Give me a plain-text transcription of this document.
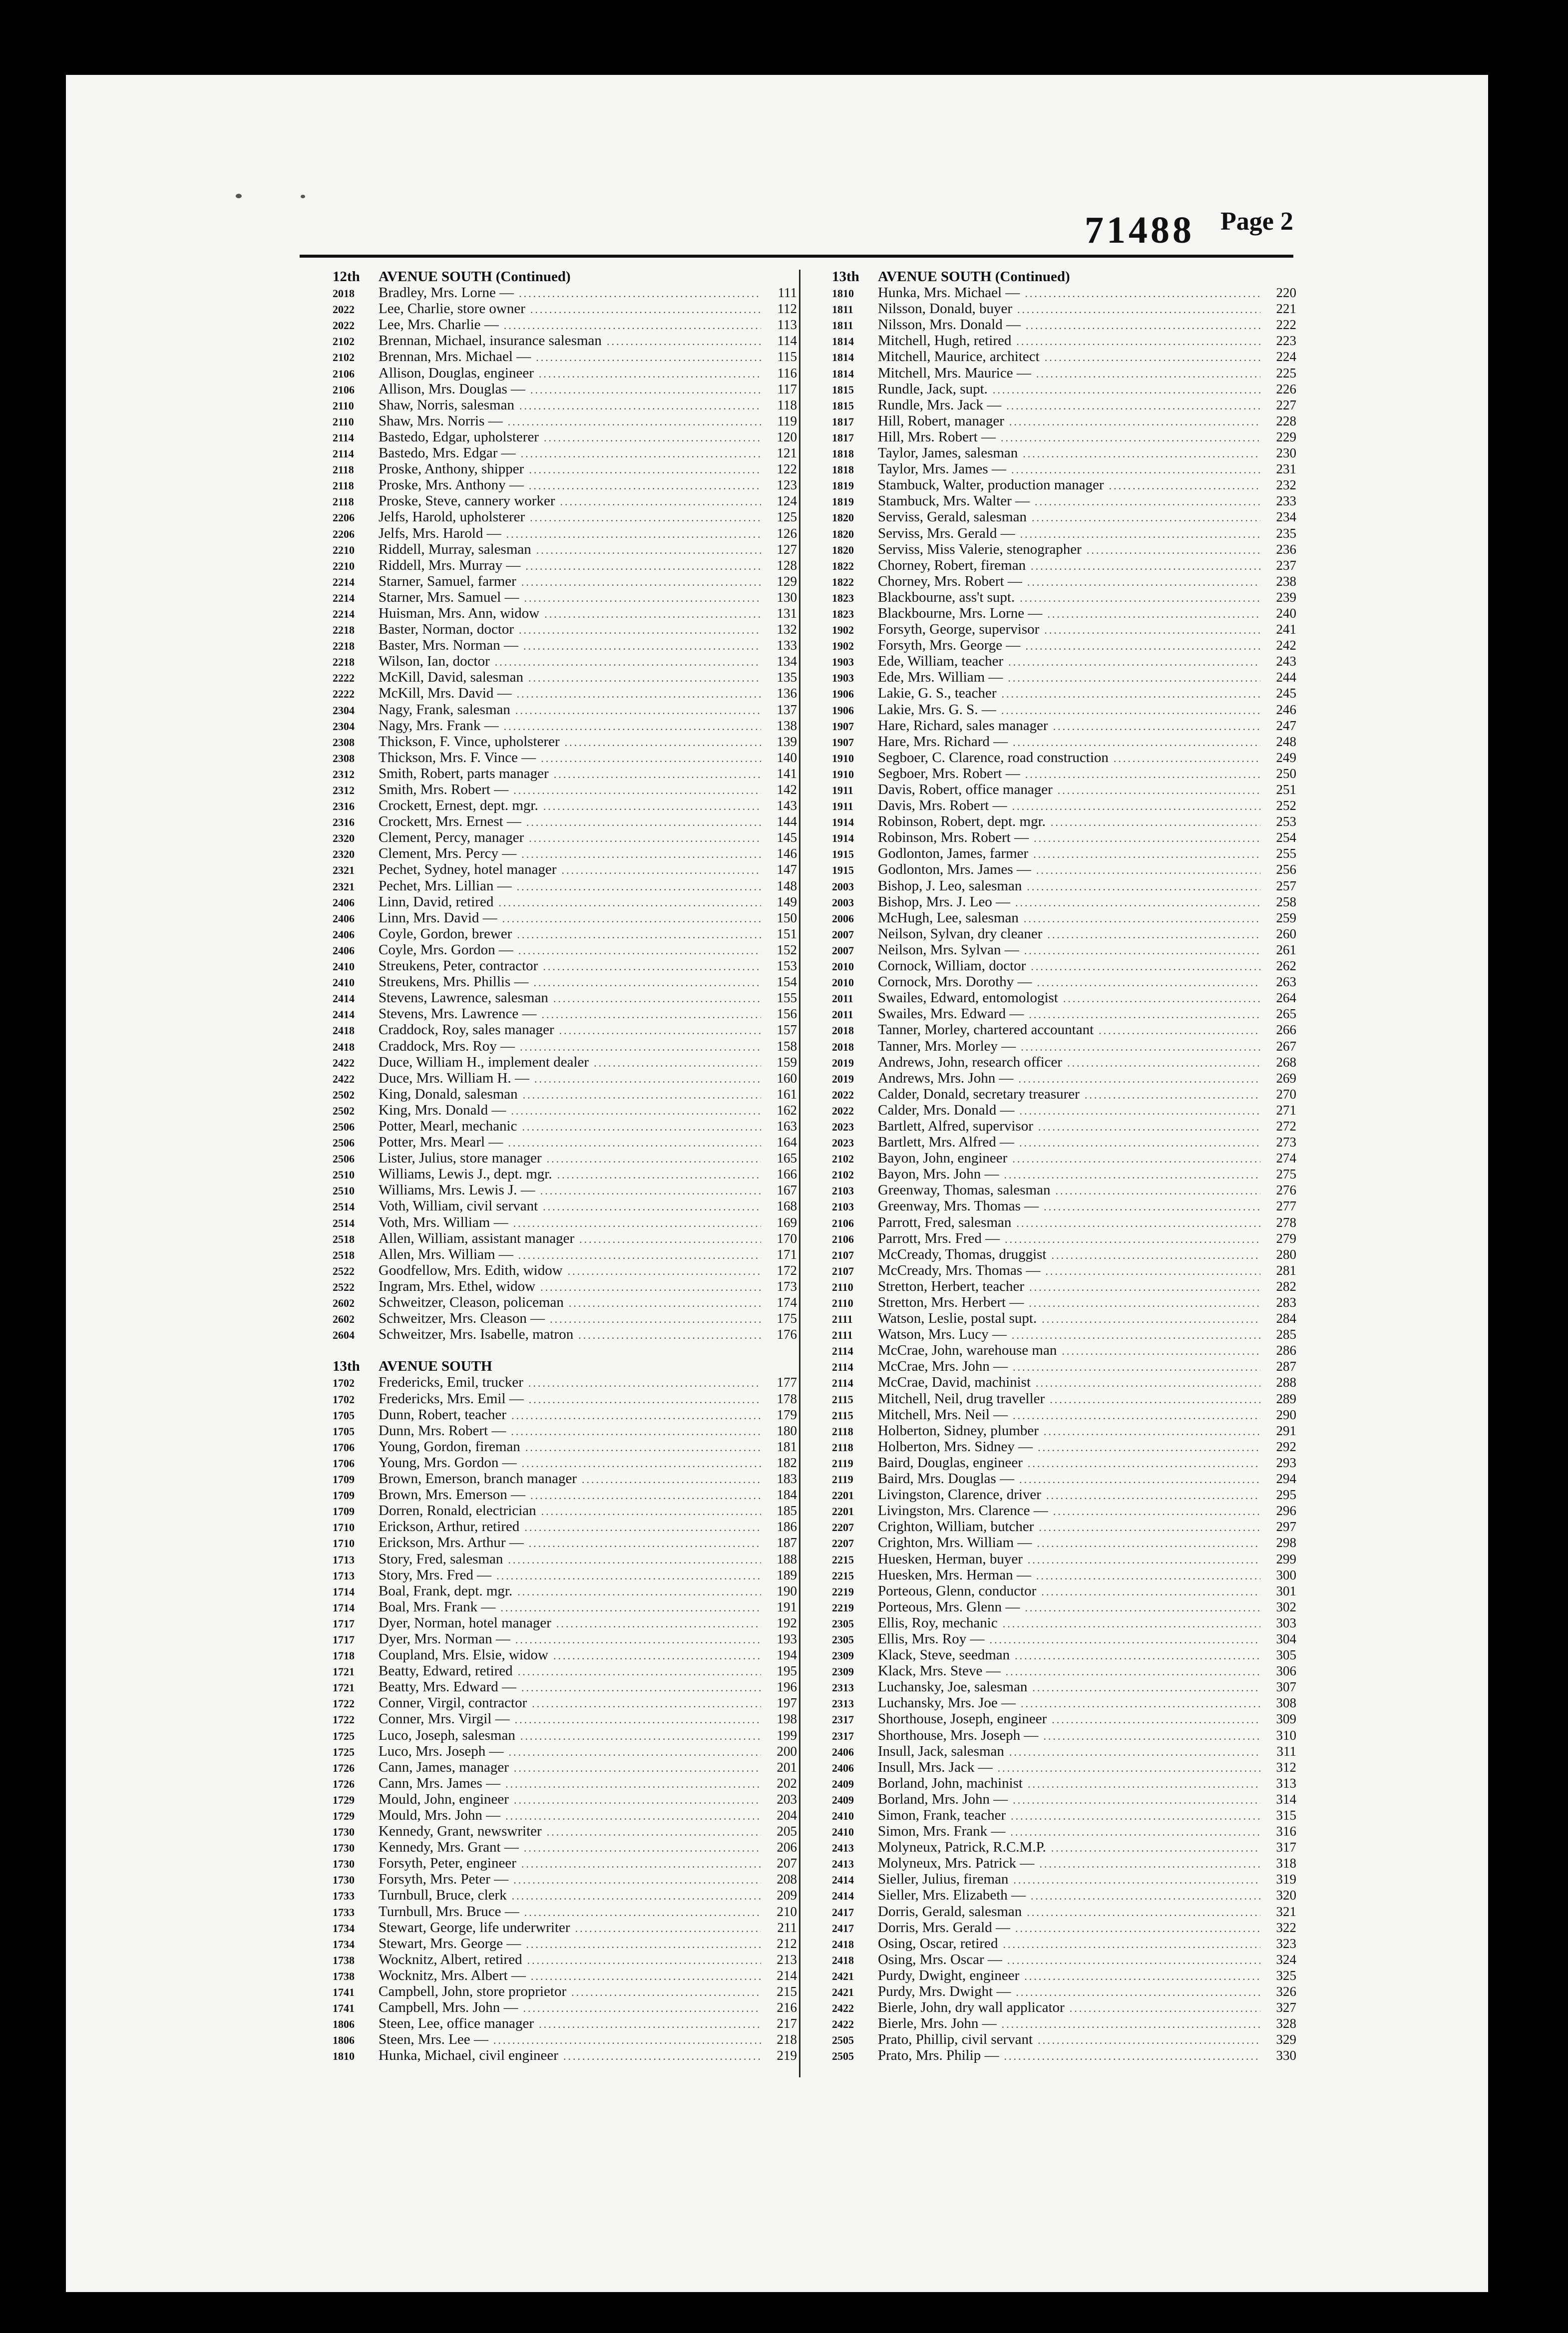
71488 Page 2
12th AVENUE SOUTH (Continued)
2018	Bradley, Mrs. Lorne — .....	111
2022	Lee, Charlie, store owner .....	112
2022	Lee, Mrs. Charlie — .....	113
2102	Brennan, Michael, insurance salesman .....	114
2102	Brennan, Mrs. Michael — .....	115
2106	Allison, Douglas, engineer .....	116
2106	Allison, Mrs. Douglas — .....	117
2110	Shaw, Norris, salesman .....	118
2110	Shaw, Mrs. Norris — .....	119
2114	Bastedo, Edgar, upholsterer .....	120
2114	Bastedo, Mrs. Edgar — .....	121
2118	Proske, Anthony, shipper .....	122
2118	Proske, Mrs. Anthony — .....	123
2118	Proske, Steve, cannery worker .....	124
2206	Jelfs, Harold, upholsterer .....	125
2206	Jelfs, Mrs. Harold — .....	126
2210	Riddell, Murray, salesman .....	127
2210	Riddell, Mrs. Murray — .....	128
2214	Starner, Samuel, farmer .....	129
2214	Starner, Mrs. Samuel — .....	130
2214	Huisman, Mrs. Ann, widow .....	131
2218	Baster, Norman, doctor .....	132
2218	Baster, Mrs. Norman — .....	133
2218	Wilson, Ian, doctor .....	134
2222	McKill, David, salesman .....	135
2222	McKill, Mrs. David — .....	136
2304	Nagy, Frank, salesman .....	137
2304	Nagy, Mrs. Frank — .....	138
2308	Thickson, F. Vince, upholsterer .....	139
2308	Thickson, Mrs. F. Vince — .....	140
2312	Smith, Robert, parts manager .....	141
2312	Smith, Mrs. Robert — .....	142
2316	Crockett, Ernest, dept. mgr. .....	143
2316	Crockett, Mrs. Ernest — .....	144
2320	Clement, Percy, manager .....	145
2320	Clement, Mrs. Percy — .....	146
2321	Pechet, Sydney, hotel manager .....	147
2321	Pechet, Mrs. Lillian — .....	148
2406	Linn, David, retired .....	149
2406	Linn, Mrs. David — .....	150
2406	Coyle, Gordon, brewer .....	151
2406	Coyle, Mrs. Gordon — .....	152
2410	Streukens, Peter, contractor .....	153
2410	Streukens, Mrs. Phillis — .....	154
2414	Stevens, Lawrence, salesman .....	155
2414	Stevens, Mrs. Lawrence — .....	156
2418	Craddock, Roy, sales manager .....	157
2418	Craddock, Mrs. Roy — .....	158
2422	Duce, William H., implement dealer .....	159
2422	Duce, Mrs. William H. — .....	160
2502	King, Donald, salesman .....	161
2502	King, Mrs. Donald — .....	162
2506	Potter, Mearl, mechanic .....	163
2506	Potter, Mrs. Mearl — .....	164
2506	Lister, Julius, store manager .....	165
2510	Williams, Lewis J., dept. mgr. .....	166
2510	Williams, Mrs. Lewis J. — .....	167
2514	Voth, William, civil servant .....	168
2514	Voth, Mrs. William — .....	169
2518	Allen, William, assistant manager .....	170
2518	Allen, Mrs. William — .....	171
2522	Goodfellow, Mrs. Edith, widow .....	172
2522	Ingram, Mrs. Ethel, widow .....	173
2602	Schweitzer, Cleason, policeman .....	174
2602	Schweitzer, Mrs. Cleason — .....	175
2604	Schweitzer, Mrs. Isabelle, matron .....	176
13th AVENUE SOUTH
1702	Fredericks, Emil, trucker .....	177
1702	Fredericks, Mrs. Emil — .....	178
1705	Dunn, Robert, teacher .....	179
1705	Dunn, Mrs. Robert — .....	180
1706	Young, Gordon, fireman .....	181
1706	Young, Mrs. Gordon — .....	182
1709	Brown, Emerson, branch manager .....	183
1709	Brown, Mrs. Emerson — .....	184
1709	Dorren, Ronald, electrician .....	185
1710	Erickson, Arthur, retired .....	186
1710	Erickson, Mrs. Arthur — .....	187
1713	Story, Fred, salesman .....	188
1713	Story, Mrs. Fred — .....	189
1714	Boal, Frank, dept. mgr. .....	190
1714	Boal, Mrs. Frank — .....	191
1717	Dyer, Norman, hotel manager .....	192
1717	Dyer, Mrs. Norman — .....	193
1718	Coupland, Mrs. Elsie, widow .....	194
1721	Beatty, Edward, retired .....	195
1721	Beatty, Mrs. Edward — .....	196
1722	Conner, Virgil, contractor .....	197
1722	Conner, Mrs. Virgil — .....	198
1725	Luco, Joseph, salesman .....	199
1725	Luco, Mrs. Joseph — .....	200
1726	Cann, James, manager .....	201
1726	Cann, Mrs. James — .....	202
1729	Mould, John, engineer .....	203
1729	Mould, Mrs. John — .....	204
1730	Kennedy, Grant, newswriter .....	205
1730	Kennedy, Mrs. Grant — .....	206
1730	Forsyth, Peter, engineer .....	207
1730	Forsyth, Mrs. Peter — .....	208
1733	Turnbull, Bruce, clerk .....	209
1733	Turnbull, Mrs. Bruce — .....	210
1734	Stewart, George, life underwriter .....	211
1734	Stewart, Mrs. George — .....	212
1738	Wocknitz, Albert, retired .....	213
1738	Wocknitz, Mrs. Albert — .....	214
1741	Campbell, John, store proprietor .....	215
1741	Campbell, Mrs. John — .....	216
1806	Steen, Lee, office manager .....	217
1806	Steen, Mrs. Lee — .....	218
1810	Hunka, Michael, civil engineer .....	219
13th AVENUE SOUTH (Continued)
1810	Hunka, Mrs. Michael — .....	220
1811	Nilsson, Donald, buyer .....	221
1811	Nilsson, Mrs. Donald — .....	222
1814	Mitchell, Hugh, retired .....	223
1814	Mitchell, Maurice, architect .....	224
1814	Mitchell, Mrs. Maurice — .....	225
1815	Rundle, Jack, supt. .....	226
1815	Rundle, Mrs. Jack — .....	227
1817	Hill, Robert, manager .....	228
1817	Hill, Mrs. Robert — .....	229
1818	Taylor, James, salesman .....	230
1818	Taylor, Mrs. James — .....	231
1819	Stambuck, Walter, production manager .....	232
1819	Stambuck, Mrs. Walter — .....	233
1820	Serviss, Gerald, salesman .....	234
1820	Serviss, Mrs. Gerald — .....	235
1820	Serviss, Miss Valerie, stenographer .....	236
1822	Chorney, Robert, fireman .....	237
1822	Chorney, Mrs. Robert — .....	238
1823	Blackbourne, ass't supt. .....	239
1823	Blackbourne, Mrs. Lorne — .....	240
1902	Forsyth, George, supervisor .....	241
1902	Forsyth, Mrs. George — .....	242
1903	Ede, William, teacher .....	243
1903	Ede, Mrs. William — .....	244
1906	Lakie, G. S., teacher .....	245
1906	Lakie, Mrs. G. S. — .....	246
1907	Hare, Richard, sales manager .....	247
1907	Hare, Mrs. Richard — .....	248
1910	Segboer, C. Clarence, road construction .....	249
1910	Segboer, Mrs. Robert — .....	250
1911	Davis, Robert, office manager .....	251
1911	Davis, Mrs. Robert — .....	252
1914	Robinson, Robert, dept. mgr. .....	253
1914	Robinson, Mrs. Robert — .....	254
1915	Godlonton, James, farmer .....	255
1915	Godlonton, Mrs. James — .....	256
2003	Bishop, J. Leo, salesman .....	257
2003	Bishop, Mrs. J. Leo — .....	258
2006	McHugh, Lee, salesman .....	259
2007	Neilson, Sylvan, dry cleaner .....	260
2007	Neilson, Mrs. Sylvan — .....	261
2010	Cornock, William, doctor .....	262
2010	Cornock, Mrs. Dorothy — .....	263
2011	Swailes, Edward, entomologist .....	264
2011	Swailes, Mrs. Edward — .....	265
2018	Tanner, Morley, chartered accountant .....	266
2018	Tanner, Mrs. Morley — .....	267
2019	Andrews, John, research officer .....	268
2019	Andrews, Mrs. John — .....	269
2022	Calder, Donald, secretary treasurer .....	270
2022	Calder, Mrs. Donald — .....	271
2023	Bartlett, Alfred, supervisor .....	272
2023	Bartlett, Mrs. Alfred — .....	273
2102	Bayon, John, engineer .....	274
2102	Bayon, Mrs. John — .....	275
2103	Greenway, Thomas, salesman .....	276
2103	Greenway, Mrs. Thomas — .....	277
2106	Parrott, Fred, salesman .....	278
2106	Parrott, Mrs. Fred — .....	279
2107	McCready, Thomas, druggist .....	280
2107	McCready, Mrs. Thomas — .....	281
2110	Stretton, Herbert, teacher .....	282
2110	Stretton, Mrs. Herbert — .....	283
2111	Watson, Leslie, postal supt. .....	284
2111	Watson, Mrs. Lucy — .....	285
2114	McCrae, John, warehouse man .....	286
2114	McCrae, Mrs. John — .....	287
2114	McCrae, David, machinist .....	288
2115	Mitchell, Neil, drug traveller .....	289
2115	Mitchell, Mrs. Neil — .....	290
2118	Holberton, Sidney, plumber .....	291
2118	Holberton, Mrs. Sidney — .....	292
2119	Baird, Douglas, engineer .....	293
2119	Baird, Mrs. Douglas — .....	294
2201	Livingston, Clarence, driver .....	295
2201	Livingston, Mrs. Clarence — .....	296
2207	Crighton, William, butcher .....	297
2207	Crighton, Mrs. William — .....	298
2215	Huesken, Herman, buyer .....	299
2215	Huesken, Mrs. Herman — .....	300
2219	Porteous, Glenn, conductor .....	301
2219	Porteous, Mrs. Glenn — .....	302
2305	Ellis, Roy, mechanic .....	303
2305	Ellis, Mrs. Roy — .....	304
2309	Klack, Steve, seedman .....	305
2309	Klack, Mrs. Steve — .....	306
2313	Luchansky, Joe, salesman .....	307
2313	Luchansky, Mrs. Joe — .....	308
2317	Shorthouse, Joseph, engineer .....	309
2317	Shorthouse, Mrs. Joseph — .....	310
2406	Insull, Jack, salesman .....	311
2406	Insull, Mrs. Jack — .....	312
2409	Borland, John, machinist .....	313
2409	Borland, Mrs. John — .....	314
2410	Simon, Frank, teacher .....	315
2410	Simon, Mrs. Frank — .....	316
2413	Molyneux, Patrick, R.C.M.P. .....	317
2413	Molyneux, Mrs. Patrick — .....	318
2414	Sieller, Julius, fireman .....	319
2414	Sieller, Mrs. Elizabeth — .....	320
2417	Dorris, Gerald, salesman .....	321
2417	Dorris, Mrs. Gerald — .....	322
2418	Osing, Oscar, retired .....	323
2418	Osing, Mrs. Oscar — .....	324
2421	Purdy, Dwight, engineer .....	325
2421	Purdy, Mrs. Dwight — .....	326
2422	Bierle, John, dry wall applicator .....	327
2422	Bierle, Mrs. John — .....	328
2505	Prato, Phillip, civil servant .....	329
2505	Prato, Mrs. Philip — .....	330
